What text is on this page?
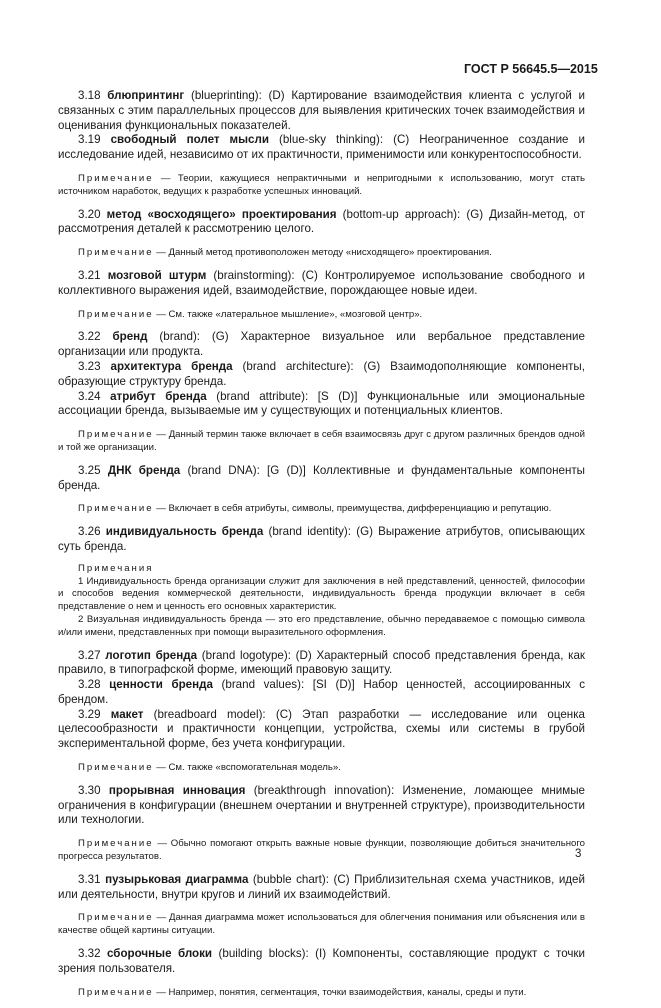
ГОСТ Р 56645.5—2015

3.18 блюпринтинг (blueprinting): (D) Картирование взаимодействия клиента с услугой и связанных с этим параллельных процессов для выявления критических точек взаимодействия и оценивания функциональных показателей.

3.19 свободный полет мысли (blue-sky thinking): (C) Неограниченное создание и исследование идей, независимо от их практичности, применимости или конкурентоспособности.

Примечание — Теории, кажущиеся непрактичными и непригодными к использованию, могут стать источником наработок, ведущих к разработке успешных инноваций.

3.20 метод «восходящего» проектирования (bottom-up approach): (G) Дизайн-метод, от рассмотрения деталей к рассмотрению целого.

Примечание — Данный метод противоположен методу «нисходящего» проектирования.

3.21 мозговой штурм (brainstorming): (C) Контролируемое использование свободного и коллективного выражения идей, взаимодействие, порождающее новые идеи.

Примечание — См. также «латеральное мышление», «мозговой центр».

3.22 бренд (brand): (G) Характерное визуальное или вербальное представление организации или продукта.

3.23 архитектура бренда (brand architecture): (G) Взаимодополняющие компоненты, образующие структуру бренда.

3.24 атрибут бренда (brand attribute): [S (D)] Функциональные или эмоциональные ассоциации бренда, вызываемые им у существующих и потенциальных клиентов.

Примечание — Данный термин также включает в себя взаимосвязь друг с другом различных брендов одной и той же организации.

3.25 ДНК бренда (brand DNA): [G (D)] Коллективные и фундаментальные компоненты бренда.

Примечание — Включает в себя атрибуты, символы, преимущества, дифференциацию и репутацию.

3.26 индивидуальность бренда (brand identity): (G) Выражение атрибутов, описывающих суть бренда.

Примечания

1 Индивидуальность бренда организации служит для заключения в ней представлений, ценностей, философии и способов ведения коммерческой деятельности, индивидуальность бренда продукции включает в себя представление о нем и ценность его основных характеристик.

2 Визуальная индивидуальность бренда — это его представление, обычно передаваемое с помощью символа и/или имени, представленных при помощи выразительного оформления.

3.27 логотип бренда (brand logotype): (D) Характерный способ представления бренда, как правило, в типографской форме, имеющий правовую защиту.

3.28 ценности бренда (brand values): [SI (D)] Набор ценностей, ассоциированных с брендом.

3.29 макет (breadboard model): (C) Этап разработки — исследование или оценка целесообразности и практичности концепции, устройства, схемы или системы в грубой экспериментальной форме, без учета конфигурации.

Примечание — См. также «вспомогательная модель».

3.30 прорывная инновация (breakthrough innovation): Изменение, ломающее мнимые ограничения в конфигурации (внешнем очертании и внутренней структуре), производительности или технологии.

Примечание — Обычно помогают открыть важные новые функции, позволяющие добиться значительного прогресса результатов.

3.31 пузырьковая диаграмма (bubble chart): (C) Приблизительная схема участников, идей или деятельности, внутри кругов и линий их взаимодействий.

Примечание — Данная диаграмма может использоваться для облегчения понимания или объяснения или в качестве общей картины ситуации.

3.32 сборочные блоки (building blocks): (I) Компоненты, составляющие продукт с точки зрения пользователя.

Примечание — Например, понятия, сегментация, точки взаимодействия, каналы, среды и пути.

3
